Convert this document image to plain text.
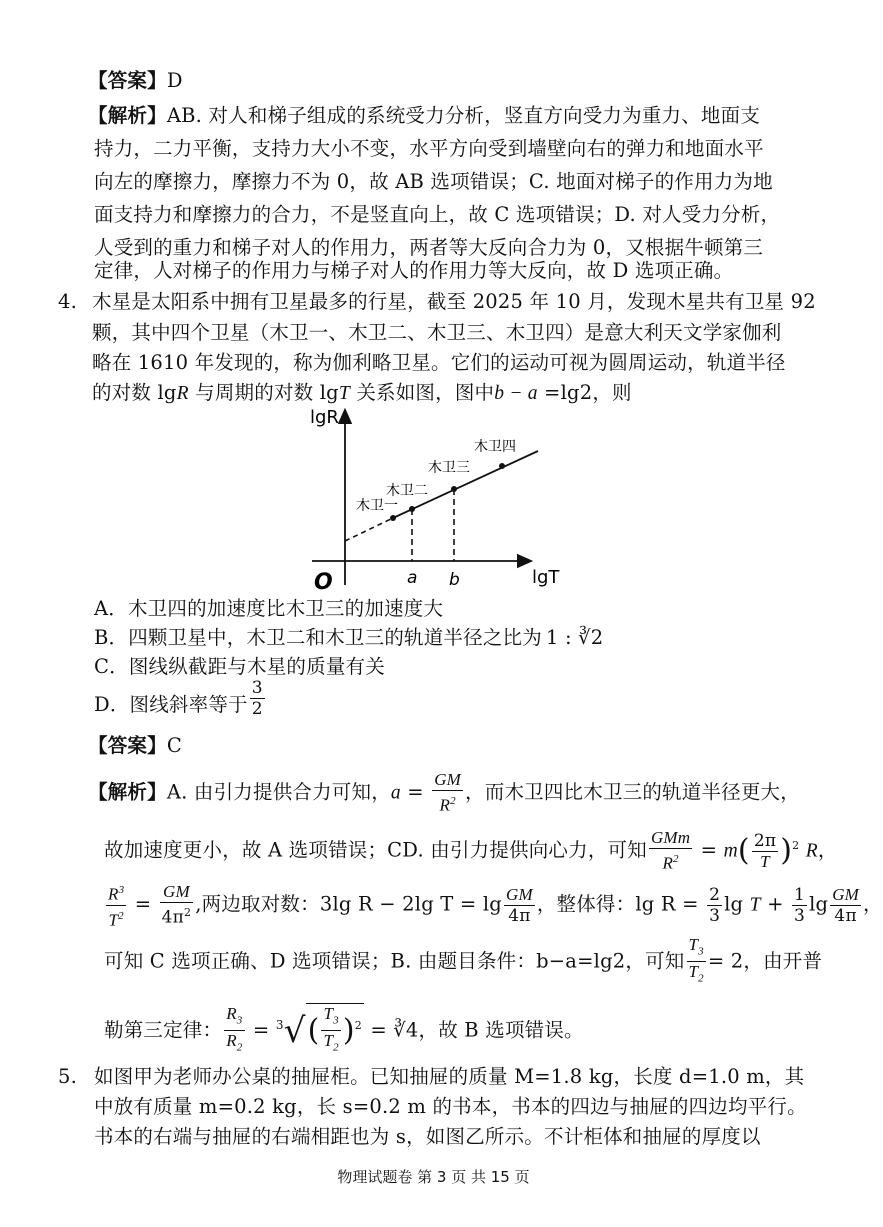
【答案】D
【解析】AB. 对人和梯子组成的系统受力分析，竖直方向受力为重力、地面支
持力，二力平衡，支持力大小不变，水平方向受到墙壁向右的弹力和地面水平
向左的摩擦力，摩擦力不为 0，故 AB 选项错误；C. 地面对梯子的作用力为地
面支持力和摩擦力的合力，不是竖直向上，故 C 选项错误；D. 对人受力分析，
人受到的重力和梯子对人的作用力，两者等大反向合力为 0，又根据牛顿第三
定律，人对梯子的作用力与梯子对人的作用力等大反向，故 D 选项正确。
4. 木星是太阳系中拥有卫星最多的行星，截至 2025 年 10 月，发现木星共有卫星 92
颗，其中四个卫星（木卫一、木卫二、木卫三、木卫四）是意大利天文学家伽利
略在 1610 年发现的，称为伽利略卫星。它们的运动可视为圆周运动，轨道半径
的对数 lgR 与周期的对数 lgT 关系如图，图中b − a =lg2，则
lgR
lgT
O	a b
木卫一
木卫二
木卫三
木卫四
A．木卫四的加速度比木卫三的加速度大
B．四颗卫星中，木卫二和木卫三的轨道半径之比为 1 : ∛2
C．图线纵截距与木星的质量有关
D．图线斜率等于 $\frac{3}{2}$
【答案】C
【解析】A. 由引力提供合力可知，$a = \frac{GM}{R^2}$ ，而木卫四比木卫三的轨道半径更大，
故加速度更小，故 A 选项错误；CD. 由引力提供向心力，可知 $\frac{\text{GMm}}{R^2} = m( \frac{2\pi}{T} )^2$ R，
$\frac{R^3}{T^2} = \frac{GM}{4\pi^2}$ ,两边取对数：3lg R − 2lg $T = \lg \frac{GM}{4\pi}$ ，整体得：$\lg R = \frac{2}{3}$ $\lg T + \frac{1}{3}$ $\lg \frac{GM}{4\pi}$ ，
可知 C 选项正确、D 选项错误；B. 由题目条件：b−a=lg2，可知 $\frac{T_3}{T_2} = 2$，由开普
勒第三定律： $\frac{R_3}{R_2} = ^3√( \frac{T_3}{T_2} )^2$ = ∛4，故 B 选项错误。
5. 如图甲为老师办公桌的抽屉柜。已知抽屉的质量 M=1.8 kg，长度 d=1.0 m，其
中放有质量 m=0.2 kg，长 s=0.2 m 的书本，书本的四边与抽屉的四边均平行。
书本的右端与抽屉的右端相距也为 s，如图乙所示。不计柜体和抽屉的厚度以
物理试题卷 第 3 页 共 15 页
